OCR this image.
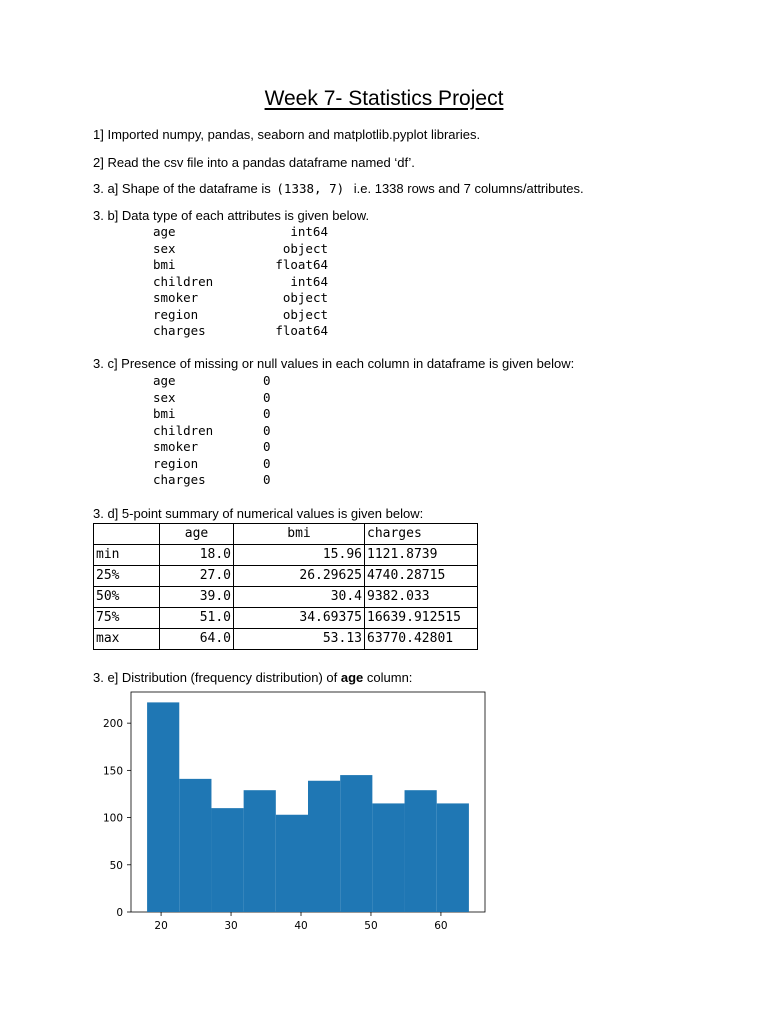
Week 7- Statistics Project
1] Imported numpy, pandas, seaborn and matplotlib.pyplot libraries.
2] Read the csv file into a pandas dataframe named ‘df’.
3. a] Shape of the dataframe is (1338, 7) i.e. 1338 rows and 7 columns/attributes.
3. b] Data type of each attributes is given below.
age	int64
sex	object
bmi	float64
children	int64
smoker	object
region	object
charges	float64
3. c] Presence of missing or null values in each column in dataframe is given below:
age	0
sex	0
bmi	0
children	0
smoker	0
region	0
charges	0
3. d] 5-point summary of numerical values is given below:
	age	bmi	charges
min	18.0	15.96	1121.8739
25%	27.0	26.29625	4740.28715
50%	39.0	30.4	9382.033
75%	51.0	34.69375	16639.912515
max	64.0	53.13	63770.42801
3. e] Distribution (frequency distribution) of age column:
20	30	40	50	60
0
50
100
150
200
